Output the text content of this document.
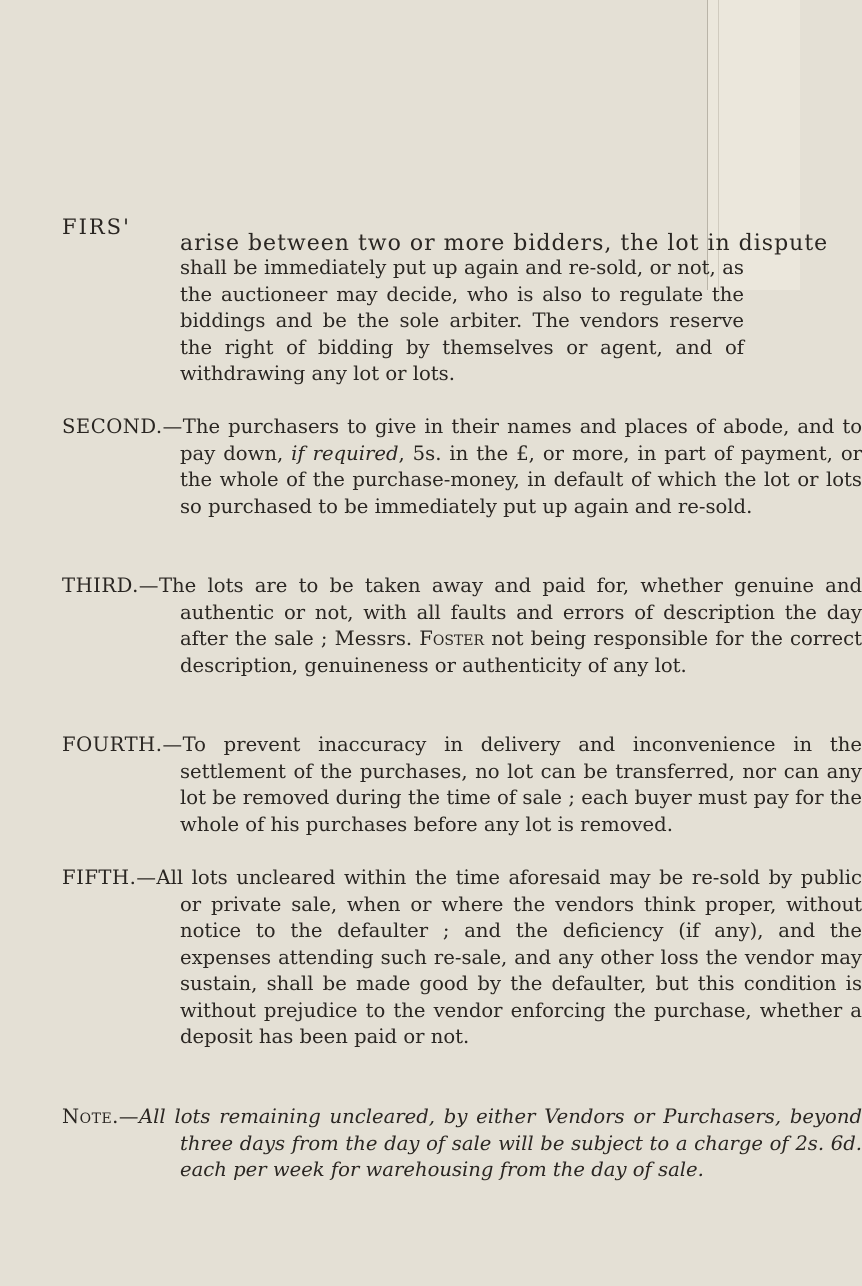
FIRS'
arise between two or more bidders, the lot in dispute
shall be immediately put up again and re-sold, or not, as the auctioneer may decide, who is also to regulate the biddings and be the sole arbiter. The vendors reserve the right of bidding by themselves or agent, and of withdrawing any lot or lots.
SECOND.—The purchasers to give in their names and places of abode, and to pay down, if required, 5s. in the £, or more, in part of payment, or the whole of the purchase-money, in default of which the lot or lots so purchased to be immediately put up again and re-sold.
THIRD.—The lots are to be taken away and paid for, whether genuine and authentic or not, with all faults and errors of description the day after the sale ; Messrs. Foster not being responsible for the correct description, genuineness or authenticity of any lot.
FOURTH.—To prevent inaccuracy in delivery and inconvenience in the settlement of the purchases, no lot can be transferred, nor can any lot be removed during the time of sale ; each buyer must pay for the whole of his purchases before any lot is removed.
FIFTH.—All lots uncleared within the time aforesaid may be re-sold by public or private sale, when or where the vendors think proper, without notice to the defaulter ; and the deficiency (if any), and the expenses attending such re-sale, and any other loss the vendor may sustain, shall be made good by the defaulter, but this condition is without prejudice to the vendor enforcing the purchase, whether a deposit has been paid or not.
Note.—All lots remaining uncleared, by either Vendors or Purchasers, beyond three days from the day of sale will be subject to a charge of 2s. 6d. each per week for warehousing from the day of sale.
